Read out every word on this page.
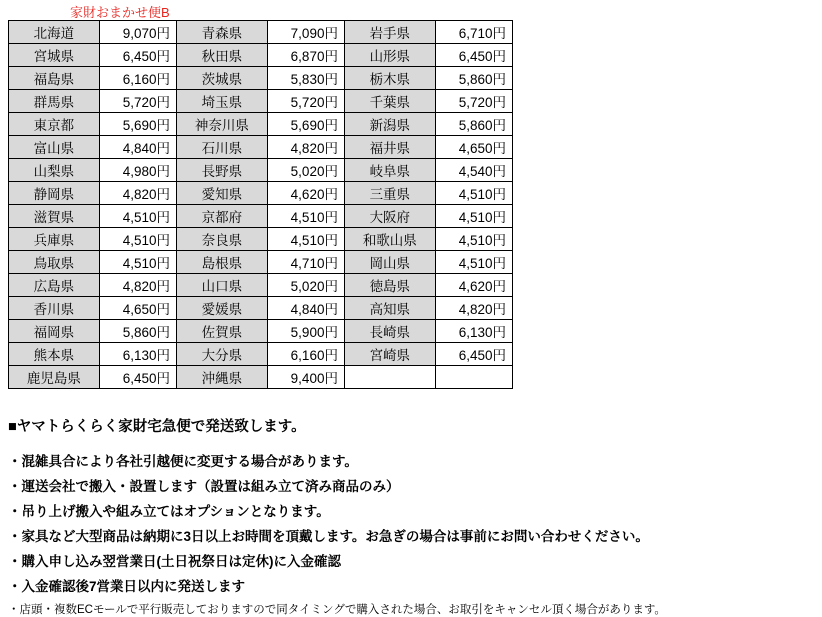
家財おまかせ便B
北海道	9,070円	青森県	7,090円	岩手県	6,710円
宮城県	6,450円	秋田県	6,870円	山形県	6,450円
福島県	6,160円	茨城県	5,830円	栃木県	5,860円
群馬県	5,720円	埼玉県	5,720円	千葉県	5,720円
東京都	5,690円	神奈川県	5,690円	新潟県	5,860円
富山県	4,840円	石川県	4,820円	福井県	4,650円
山梨県	4,980円	長野県	5,020円	岐阜県	4,540円
静岡県	4,820円	愛知県	4,620円	三重県	4,510円
滋賀県	4,510円	京都府	4,510円	大阪府	4,510円
兵庫県	4,510円	奈良県	4,510円	和歌山県	4,510円
鳥取県	4,510円	島根県	4,710円	岡山県	4,510円
広島県	4,820円	山口県	5,020円	徳島県	4,620円
香川県	4,650円	愛媛県	4,840円	高知県	4,820円
福岡県	5,860円	佐賀県	5,900円	長崎県	6,130円
熊本県	6,130円	大分県	6,160円	宮崎県	6,450円
鹿児島県	6,450円	沖縄県	9,400円		

■ヤマトらくらく家財宅急便で発送致します。

・混雑具合により各社引越便に変更する場合があります。

・運送会社で搬入・設置します（設置は組み立て済み商品のみ）

・吊り上げ搬入や組み立てはオプションとなります。

・家具など大型商品は納期に3日以上お時間を頂戴します。お急ぎの場合は事前にお問い合わせください。

・購入申し込み翌営業日(土日祝祭日は定休)に入金確認

・入金確認後7営業日以内に発送します

・店頭・複数ECモールで平行販売しておりますので同タイミングで購入された場合、お取引をキャンセル頂く場合があります。
